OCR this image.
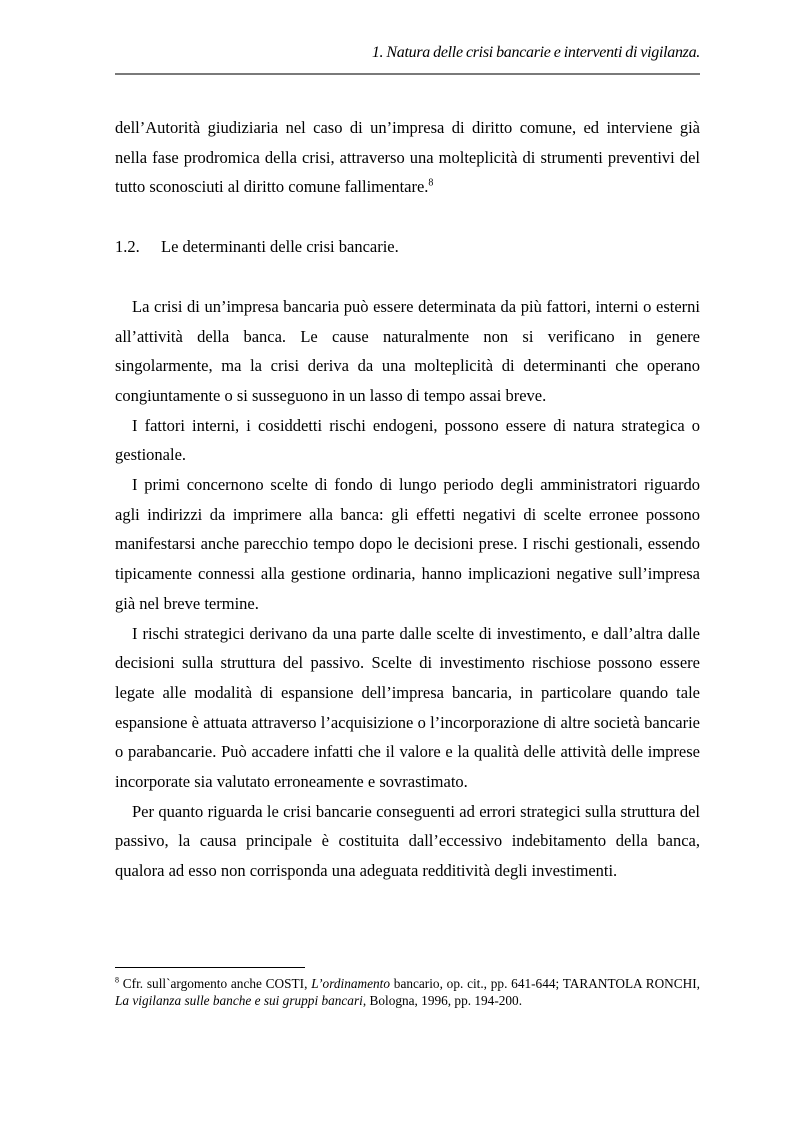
1. Natura delle crisi bancarie e interventi di vigilanza.

dell’Autorità giudiziaria nel caso di un’impresa di diritto comune, ed interviene già nella fase prodromica della crisi, attraverso una molteplicità di strumenti preventivi del tutto sconosciuti al diritto comune fallimentare.$^8$

1.2. Le determinanti delle crisi bancarie.

La crisi di un’impresa bancaria può essere determinata da più fattori, interni o esterni all’attività della banca. Le cause naturalmente non si verificano in genere singolarmente, ma la crisi deriva da una molteplicità di determinanti che operano congiuntamente o si susseguono in un lasso di tempo assai breve.

I fattori interni, i cosiddetti rischi endogeni, possono essere di natura strategica o gestionale.

I primi concernono scelte di fondo di lungo periodo degli amministratori riguardo agli indirizzi da imprimere alla banca: gli effetti negativi di scelte erronee possono manifestarsi anche parecchio tempo dopo le decisioni prese. I rischi gestionali, essendo tipicamente connessi alla gestione ordinaria, hanno implicazioni negative sull’impresa già nel breve termine.

I rischi strategici derivano da una parte dalle scelte di investimento, e dall’altra dalle decisioni sulla struttura del passivo. Scelte di investimento rischiose possono essere legate alle modalità di espansione dell’impresa bancaria, in particolare quando tale espansione è attuata attraverso l’acquisizione o l’incorporazione di altre società bancarie o parabancarie. Può accadere infatti che il valore e la qualità delle attività delle imprese incorporate sia valutato erroneamente e sovrastimato.

Per quanto riguarda le crisi bancarie conseguenti ad errori strategici sulla struttura del passivo, la causa principale è costituita dall’eccessivo indebitamento della banca, qualora ad esso non corrisponda una adeguata redditività degli investimenti.

$^8$ Cfr. sull`argomento anche COSTI, L’ordinamento bancario, op. cit., pp. 641-644; TARANTOLA RONCHI, La vigilanza sulle banche e sui gruppi bancari, Bologna, 1996, pp. 194-200.
